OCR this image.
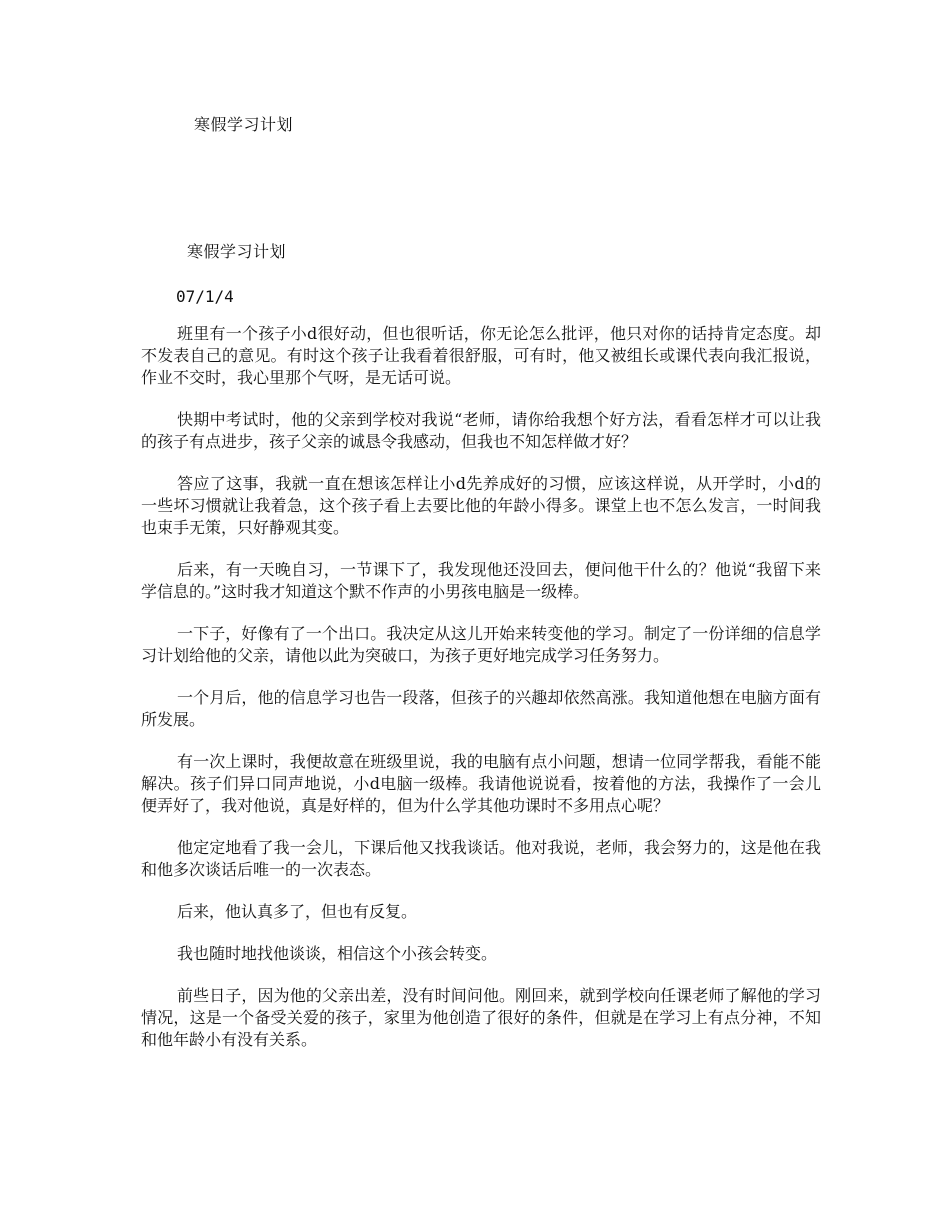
寒假学习计划
寒假学习计划
07/1/4

班里有一个孩子小d很好动，但也很听话，你无论怎么批评，他只对你的话持肯定态度。却不发表自己的意见。有时这个孩子让我看着很舒服，可有时，他又被组长或课代表向我汇报说，作业不交时，我心里那个气呀，是无话可说。

快期中考试时，他的父亲到学校对我说“老师，请你给我想个好方法，看看怎样才可以让我的孩子有点进步，孩子父亲的诚恳令我感动，但我也不知怎样做才好？

答应了这事，我就一直在想该怎样让小d先养成好的习惯，应该这样说，从开学时，小d的一些坏习惯就让我着急，这个孩子看上去要比他的年龄小得多。课堂上也不怎么发言，一时间我也束手无策，只好静观其变。

后来，有一天晚自习，一节课下了，我发现他还没回去，便问他干什么的？他说“我留下来学信息的。”这时我才知道这个默不作声的小男孩电脑是一级棒。

一下子，好像有了一个出口。我决定从这儿开始来转变他的学习。制定了一份详细的信息学习计划给他的父亲，请他以此为突破口，为孩子更好地完成学习任务努力。

一个月后，他的信息学习也告一段落，但孩子的兴趣却依然高涨。我知道他想在电脑方面有所发展。

有一次上课时，我便故意在班级里说，我的电脑有点小问题，想请一位同学帮我，看能不能解决。孩子们异口同声地说，小d电脑一级棒。我请他说说看，按着他的方法，我操作了一会儿便弄好了，我对他说，真是好样的，但为什么学其他功课时不多用点心呢？

他定定地看了我一会儿，下课后他又找我谈话。他对我说，老师，我会努力的，这是他在我和他多次谈话后唯一的一次表态。

后来，他认真多了，但也有反复。

我也随时地找他谈谈，相信这个小孩会转变。

前些日子，因为他的父亲出差，没有时间问他。刚回来，就到学校向任课老师了解他的学习情况，这是一个备受关爱的孩子，家里为他创造了很好的条件，但就是在学习上有点分神，不知和他年龄小有没有关系。
